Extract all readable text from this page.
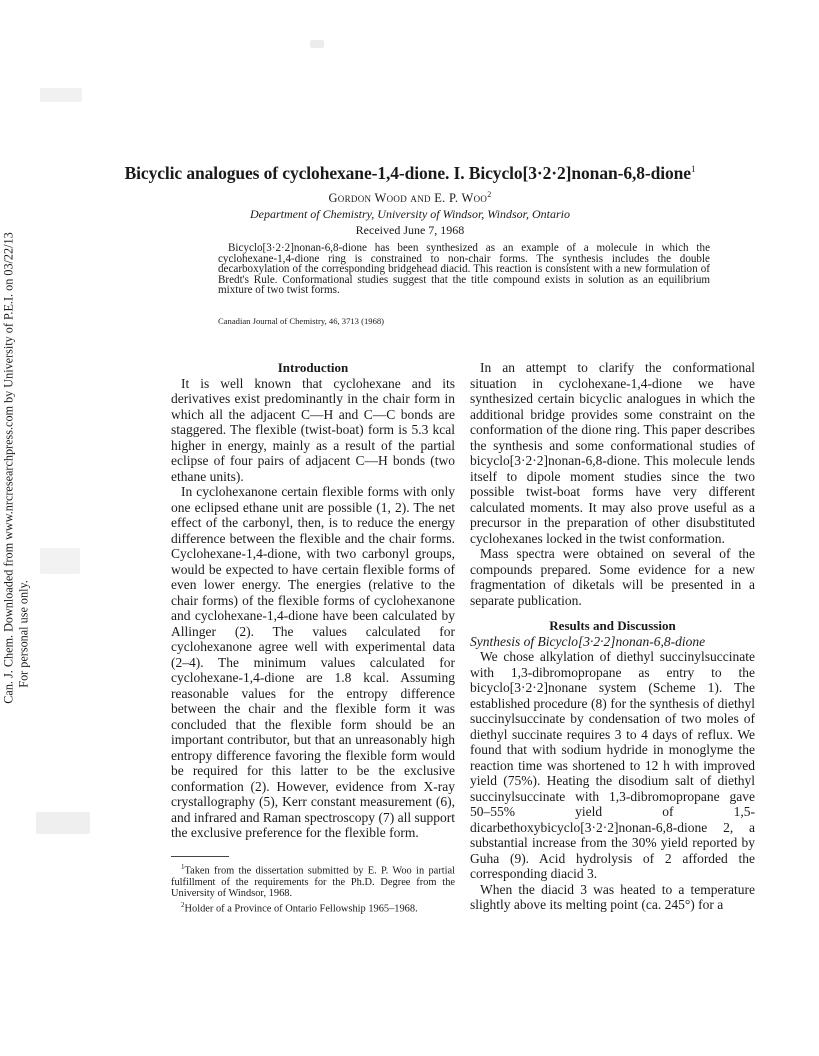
Can. J. Chem. Downloaded from www.nrcresearchpress.com by University of P.E.I. on 03/22/13 For personal use only.
Bicyclic analogues of cyclohexane-1,4-dione. I. Bicyclo[3·2·2]nonan-6,8-dione$^1$
Gordon Wood and E. P. Woo$^2$
Department of Chemistry, University of Windsor, Windsor, Ontario
Received June 7, 1968

Bicyclo[3·2·2]nonan-6,8-dione has been synthesized as an example of a molecule in which the cyclohexane-1,4-dione ring is constrained to non-chair forms. The synthesis includes the double decarboxylation of the corresponding bridgehead diacid. This reaction is consistent with a new formulation of Bredt's Rule. Conformational studies suggest that the title compound exists in solution as an equilibrium mixture of two twist forms.

Canadian Journal of Chemistry, 46, 3713 (1968)

Introduction

It is well known that cyclohexane and its derivatives exist predominantly in the chair form in which all the adjacent C—H and C—C bonds are staggered. The flexible (twist-boat) form is 5.3 kcal higher in energy, mainly as a result of the partial eclipse of four pairs of adjacent C—H bonds (two ethane units).

In cyclohexanone certain flexible forms with only one eclipsed ethane unit are possible (1, 2). The net effect of the carbonyl, then, is to reduce the energy difference between the flexible and the chair forms. Cyclohexane-1,4-dione, with two carbonyl groups, would be expected to have certain flexible forms of even lower energy. The energies (relative to the chair forms) of the flexible forms of cyclohexanone and cyclohexane-1,4-dione have been calculated by Allinger (2). The values calculated for cyclohexanone agree well with experimental data (2–4). The minimum values calculated for cyclohexane-1,4-dione are 1.8 kcal. Assuming reasonable values for the entropy difference between the chair and the flexible form it was concluded that the flexible form should be an important contributor, but that an unreasonably high entropy difference favoring the flexible form would be required for this latter to be the exclusive conformation (2). However, evidence from X-ray crystallography (5), Kerr constant measurement (6), and infrared and Raman spectroscopy (7) all support the exclusive preference for the flexible form.

In an attempt to clarify the conformational situation in cyclohexane-1,4-dione we have synthesized certain bicyclic analogues in which the additional bridge provides some constraint on the conformation of the dione ring. This paper describes the synthesis and some conformational studies of bicyclo[3·2·2]nonan-6,8-dione. This molecule lends itself to dipole moment studies since the two possible twist-boat forms have very different calculated moments. It may also prove useful as a precursor in the preparation of other disubstituted cyclohexanes locked in the twist conformation.

Mass spectra were obtained on several of the compounds prepared. Some evidence for a new fragmentation of diketals will be presented in a separate publication.

Results and Discussion

Synthesis of Bicyclo[3·2·2]nonan-6,8-dione

We chose alkylation of diethyl succinylsuccinate with 1,3-dibromopropane as entry to the bicyclo[3·2·2]nonane system (Scheme 1). The established procedure (8) for the synthesis of diethyl succinylsuccinate by condensation of two moles of diethyl succinate requires 3 to 4 days of reflux. We found that with sodium hydride in monoglyme the reaction time was shortened to 12 h with improved yield (75%). Heating the disodium salt of diethyl succinylsuccinate with 1,3-dibromopropane gave 50–55% yield of 1,5-dicarbethoxybicyclo[3·2·2]nonan-6,8-dione 2, a substantial increase from the 30% yield reported by Guha (9). Acid hydrolysis of 2 afforded the corresponding diacid 3.

When the diacid 3 was heated to a temperature slightly above its melting point (ca. 245°) for a

$^1$Taken from the dissertation submitted by E. P. Woo in partial fulfillment of the requirements for the Ph.D. Degree from the University of Windsor, 1968.

$^2$Holder of a Province of Ontario Fellowship 1965–1968.
